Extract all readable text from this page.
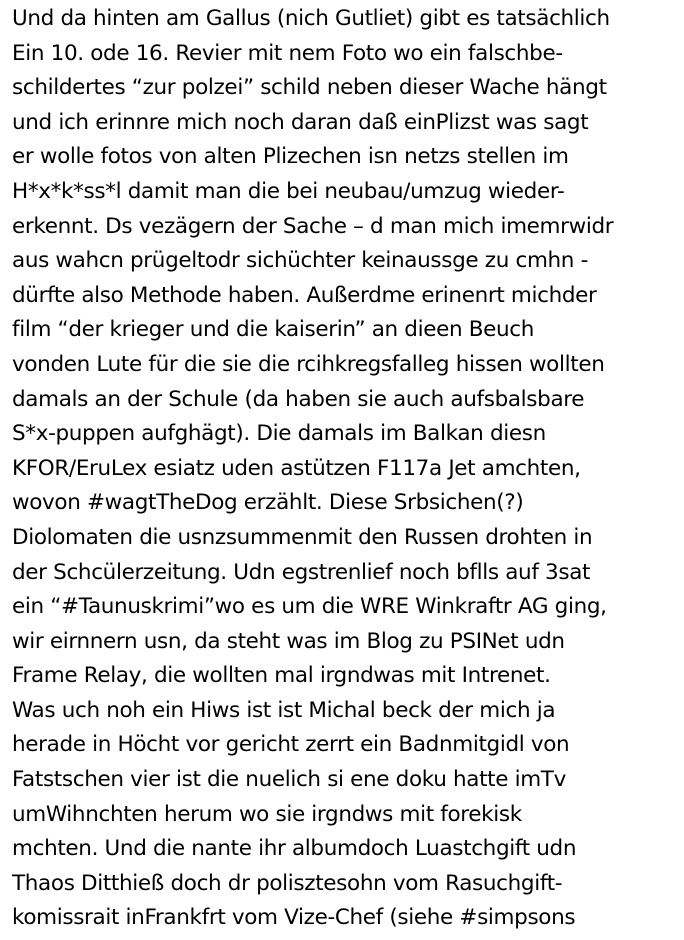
Und da hinten am Gallus (nich Gutliet) gibt es tatsächlich
Ein 10. ode 16. Revier mit nem Foto wo ein falschbe-
schildertes “zur polzei” schild neben dieser Wache hängt
und ich erinnre mich noch daran daß einPlizst was sagt
er wolle fotos von alten Plizechen isn netzs stellen im
H*x*k*ss*l damit man die bei neubau/umzug wieder-
erkennt. Ds vezägern der Sache – d man mich imemrwidr
aus wahcn prügeltodr sichüchter keinaussge zu cmhn -
dürfte also Methode haben. Außerdme erinenrt michder
film “der krieger und die kaiserin” an dieen Beuch
vonden Lute für die sie die rcihkregsfalleg hissen wollten
damals an der Schule (da haben sie auch aufsbalsbare
S*x-puppen aufghägt). Die damals im Balkan diesn
KFOR/EruLex esiatz uden astützen F117a Jet amchten,
wovon #wagtTheDog erzählt. Diese Srbsichen(?)
Diolomaten die usnzsummenmit den Russen drohten in
der Schcülerzeitung. Udn egstrenlief noch bflls auf 3sat
ein “#Taunuskrimi”wo es um die WRE Winkraftr AG ging,
wir eirnnern usn, da steht was im Blog zu PSINet udn
Frame Relay, die wollten mal irgndwas mit Intrenet.
Was uch noh ein Hiws ist ist Michal beck der mich ja
herade in Höcht vor gericht zerrt ein Badnmitgidl von
Fatstschen vier ist die nuelich si ene doku hatte imTv
umWihnchten herum wo sie irgndws mit forekisk
mchten. Und die nante ihr albumdoch Luastchgift udn
Thaos Ditthieß doch dr polisztesohn vom Rasuchgift-
komissrait inFrankfrt vom Vize-Chef (siehe #simpsons
